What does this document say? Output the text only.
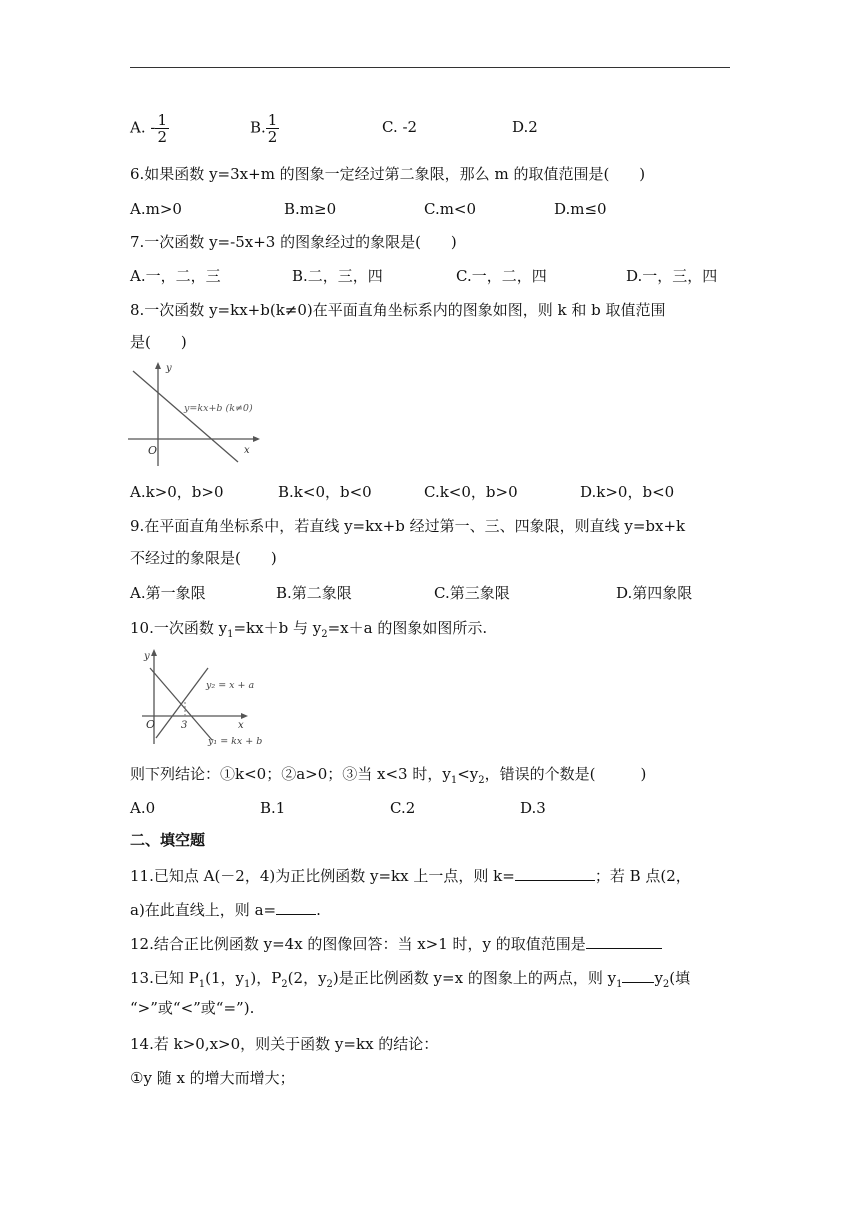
A. - $\frac{1}{2}$	B. $\frac{1}{2}$	C. -2	D.2
6.如果函数 y=3x+m 的图象一定经过第二象限，那么 m 的取值范围是(　　)
A.m>0	B.m≥0	C.m<0	D.m≤0
7.一次函数 y=-5x+3 的图象经过的象限是(　　)
A.一，二，三	B.二，三，四	C.一，二，四	D.一，三，四
8.一次函数 y=kx+b(k≠0)在平面直角坐标系内的图象如图，则 k 和 b 取值范围
是(　　)
y
x
O
y=kx+b (k≠0)
A.k>0，b>0	B.k<0，b<0	C.k<0，b>0	D.k>0，b<0
9.在平面直角坐标系中，若直线 y=kx+b 经过第一、三、四象限，则直线 y=bx+k
不经过的象限是(　　)
A.第一象限	B.第二象限	C.第三象限	D.第四象限
10.一次函数 $y_1=kx+b$ 与 $y_2=x+a$ 的图象如图所示.
y
x
O	3
y₂ = x + a
y₁ = kx + b
则下列结论：①k<0；②a>0；③当 x<3 时，$y_1<y_2$，错误的个数是(　　　)
A.0	B.1	C.2	D.3
二、填空题
11.已知点 A(－2，4)为正比例函数 y=kx 上一点，则 k=	；若 B 点(2，
a)在此直线上，则 a=	.
12.结合正比例函数 y=4x 的图像回答：当 x>1 时，y 的取值范围是
13.已知 $P_1(1$，$y_1$)，$P_2(2$，$y_2$)是正比例函数 y=x 的图象上的两点，则 $y_1$ $y_2$(填
“>”或“<”或“=”).
14.若 k>0,x>0，则关于函数 y=kx 的结论：
①y 随 x 的增大而增大；
